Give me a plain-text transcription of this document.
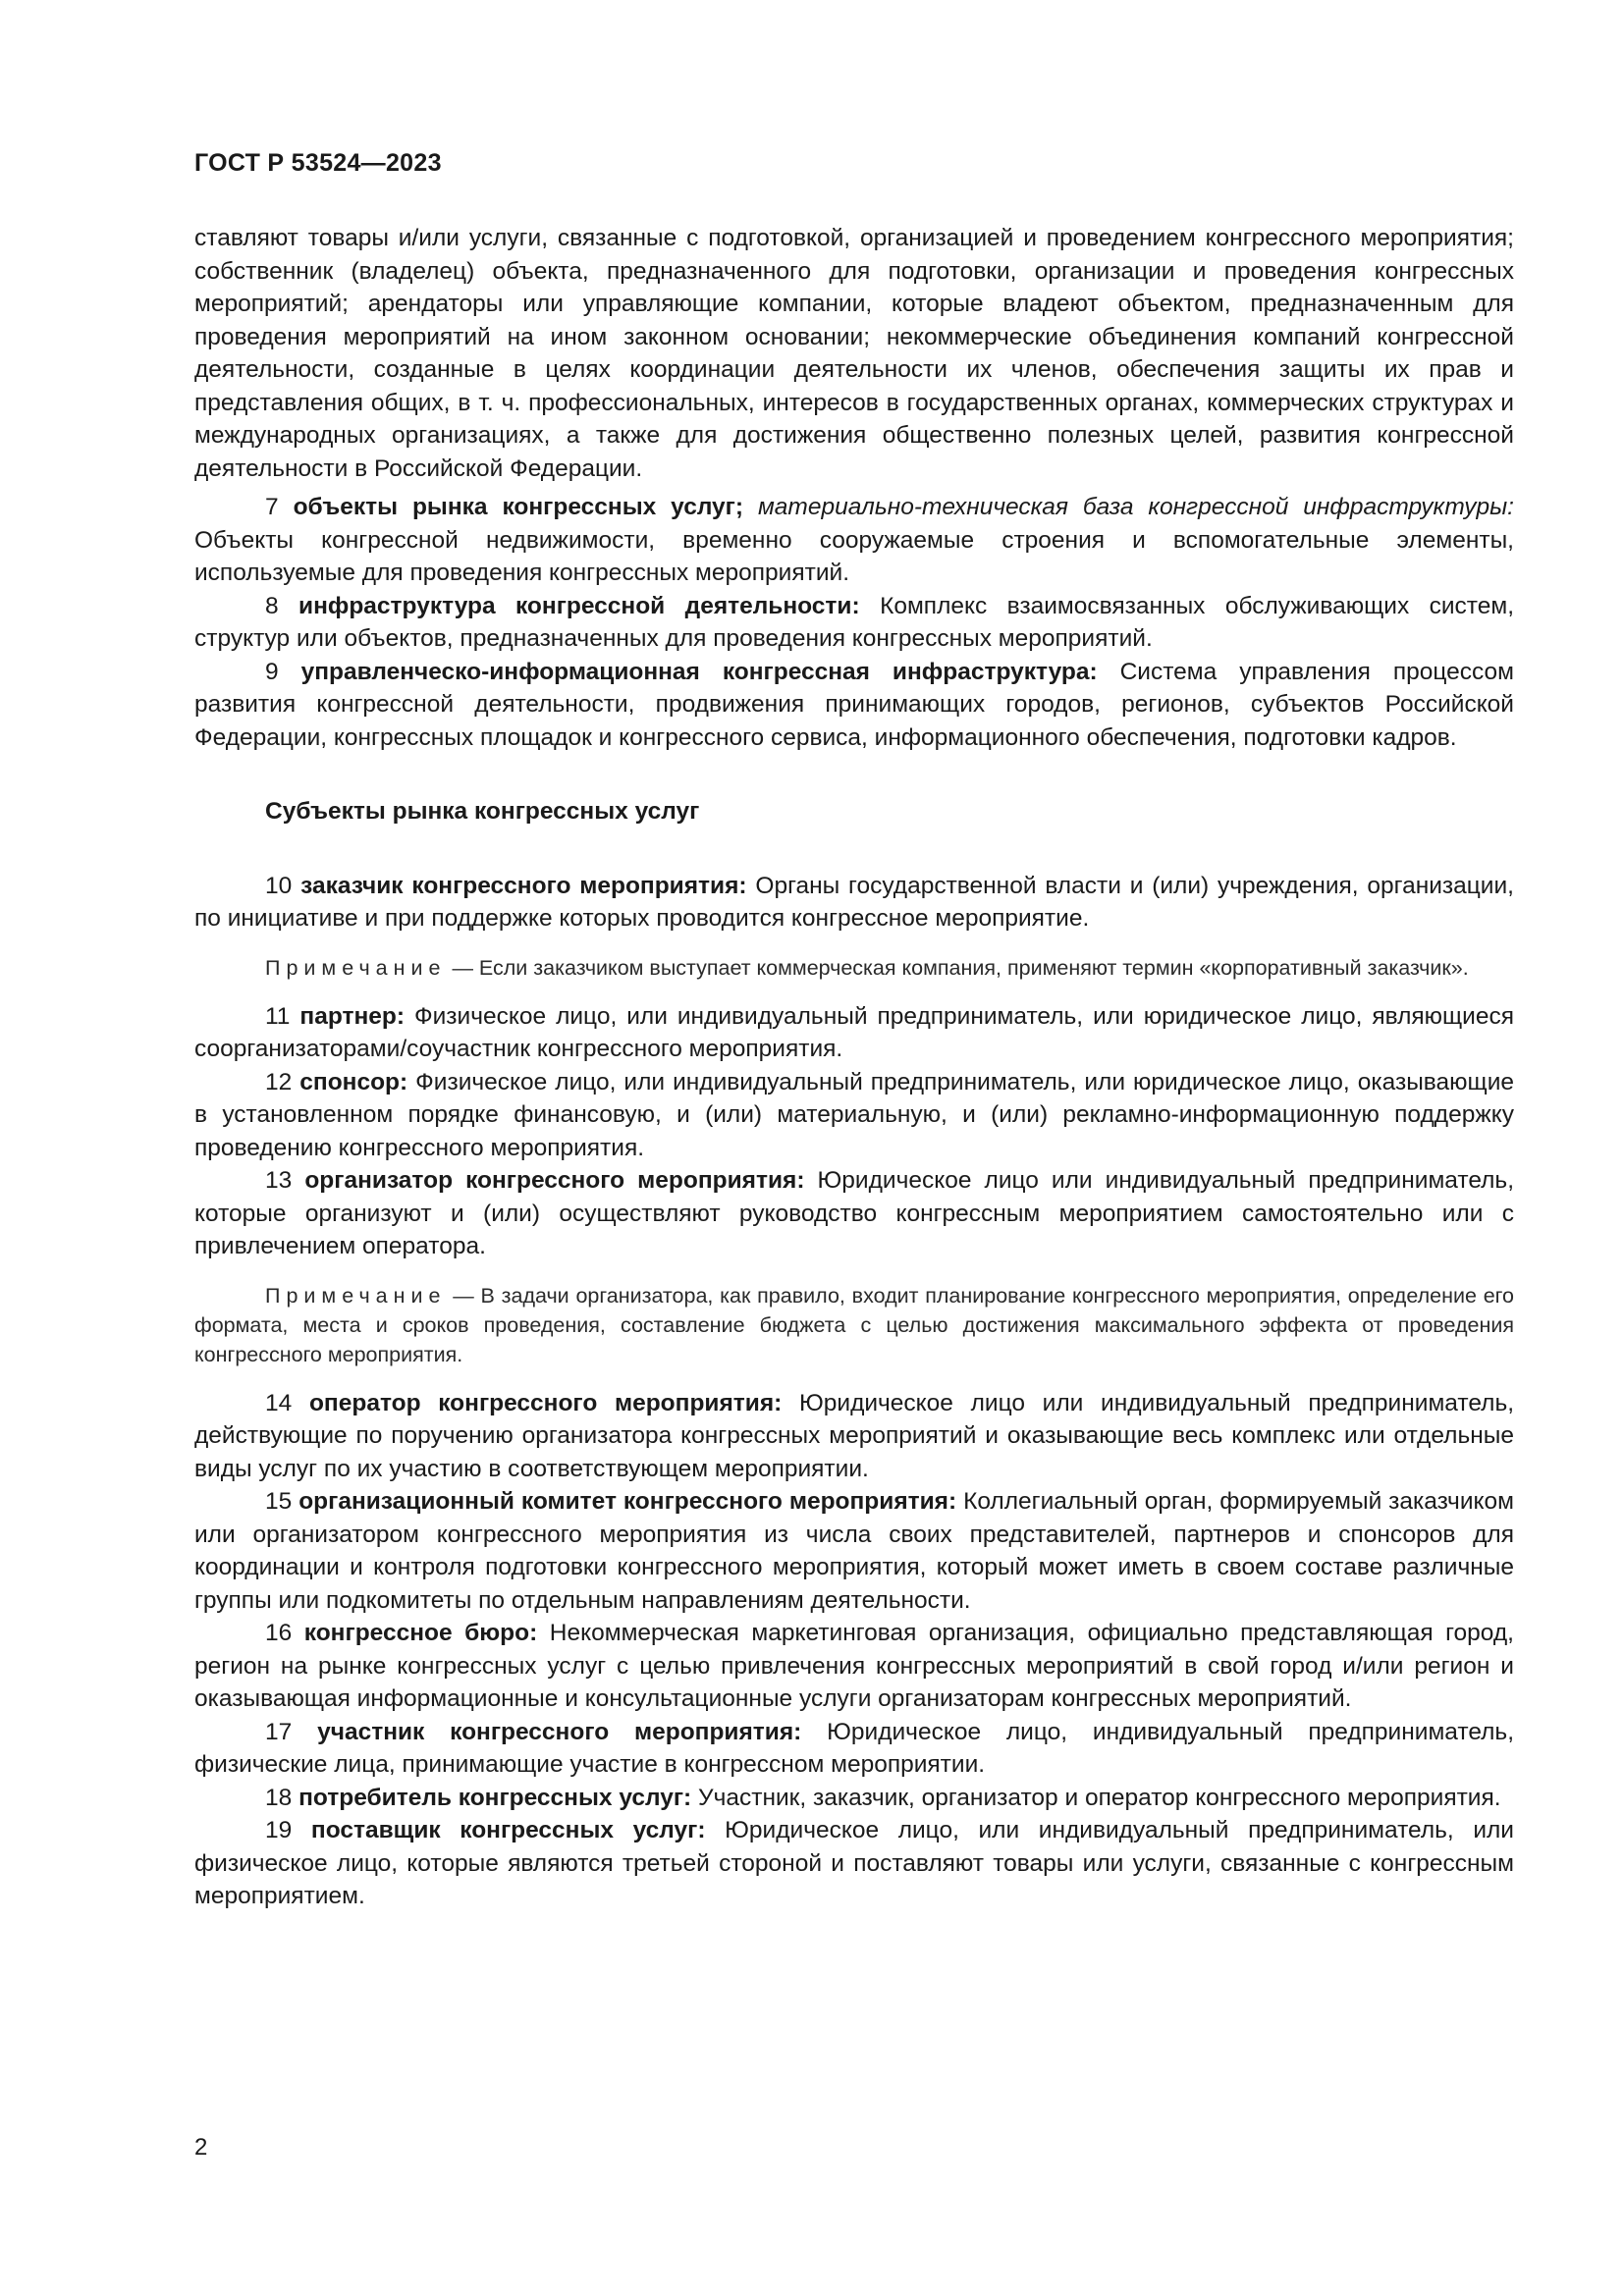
ГОСТ Р 53524—2023

ставляют товары и/или услуги, связанные с подготовкой, организацией и проведением конгрессного мероприятия; собственник (владелец) объекта, предназначенного для подготовки, организации и проведения конгрессных мероприятий; арендаторы или управляющие компании, которые владеют объектом, предназначенным для проведения мероприятий на ином законном основании; некоммерческие объединения компаний конгрессной деятельности, созданные в целях координации деятельности их членов, обеспечения защиты их прав и представления общих, в т. ч. профессиональных, интересов в государственных органах, коммерческих структурах и международных организациях, а также для достижения общественно полезных целей, развития конгрессной деятельности в Российской Федерации.

7 объекты рынка конгрессных услуг; материально-техническая база конгрессной инфраструктуры: Объекты конгрессной недвижимости, временно сооружаемые строения и вспомогательные элементы, используемые для проведения конгрессных мероприятий.

8 инфраструктура конгрессной деятельности: Комплекс взаимосвязанных обслуживающих систем, структур или объектов, предназначенных для проведения конгрессных мероприятий.

9 управленческо-информационная конгрессная инфраструктура: Система управления процессом развития конгрессной деятельности, продвижения принимающих городов, регионов, субъектов Российской Федерации, конгрессных площадок и конгрессного сервиса, информационного обеспечения, подготовки кадров.

Субъекты рынка конгрессных услуг

10 заказчик конгрессного мероприятия: Органы государственной власти и (или) учреждения, организации, по инициативе и при поддержке которых проводится конгрессное мероприятие.

Примечание — Если заказчиком выступает коммерческая компания, применяют термин «корпоративный заказчик».

11 партнер: Физическое лицо, или индивидуальный предприниматель, или юридическое лицо, являющиеся соорганизаторами/соучастник конгрессного мероприятия.

12 спонсор: Физическое лицо, или индивидуальный предприниматель, или юридическое лицо, оказывающие в установленном порядке финансовую, и (или) материальную, и (или) рекламно-информационную поддержку проведению конгрессного мероприятия.

13 организатор конгрессного мероприятия: Юридическое лицо или индивидуальный предприниматель, которые организуют и (или) осуществляют руководство конгрессным мероприятием самостоятельно или с привлечением оператора.

Примечание — В задачи организатора, как правило, входит планирование конгрессного мероприятия, определение его формата, места и сроков проведения, составление бюджета с целью достижения максимального эффекта от проведения конгрессного мероприятия.

14 оператор конгрессного мероприятия: Юридическое лицо или индивидуальный предприниматель, действующие по поручению организатора конгрессных мероприятий и оказывающие весь комплекс или отдельные виды услуг по их участию в соответствующем мероприятии.

15 организационный комитет конгрессного мероприятия: Коллегиальный орган, формируемый заказчиком или организатором конгрессного мероприятия из числа своих представителей, партнеров и спонсоров для координации и контроля подготовки конгрессного мероприятия, который может иметь в своем составе различные группы или подкомитеты по отдельным направлениям деятельности.

16 конгрессное бюро: Некоммерческая маркетинговая организация, официально представляющая город, регион на рынке конгрессных услуг с целью привлечения конгрессных мероприятий в свой город и/или регион и оказывающая информационные и консультационные услуги организаторам конгрессных мероприятий.

17 участник конгрессного мероприятия: Юридическое лицо, индивидуальный предприниматель, физические лица, принимающие участие в конгрессном мероприятии.

18 потребитель конгрессных услуг: Участник, заказчик, организатор и оператор конгрессного мероприятия.

19 поставщик конгрессных услуг: Юридическое лицо, или индивидуальный предприниматель, или физическое лицо, которые являются третьей стороной и поставляют товары или услуги, связанные с конгрессным мероприятием.

2
